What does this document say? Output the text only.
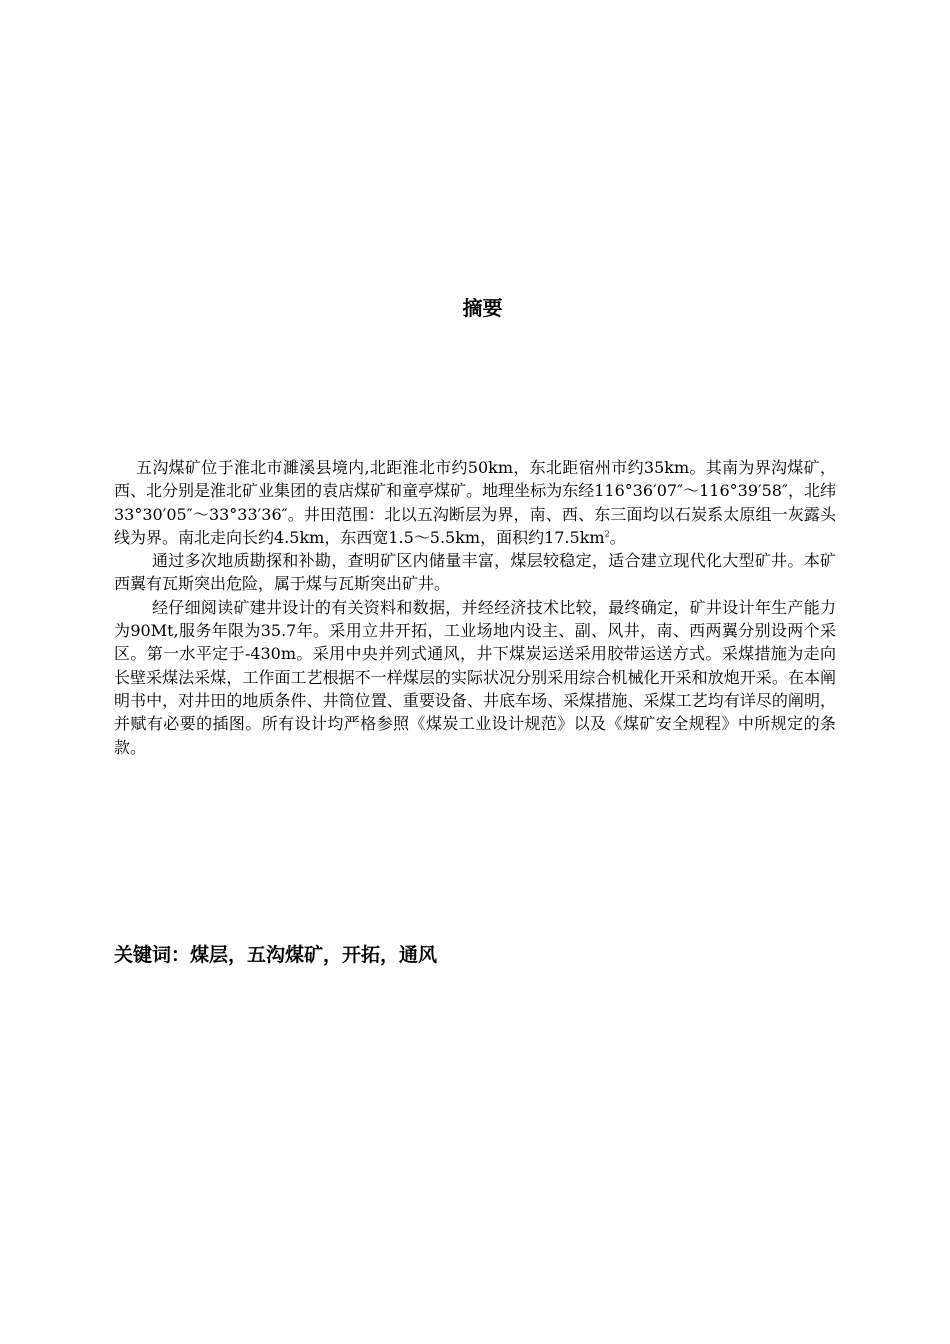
摘要

五沟煤矿位于淮北市濉溪县境内,北距淮北市约50km，东北距宿州市约35km。其南为界沟煤矿，西、北分别是淮北矿业集团的袁店煤矿和童亭煤矿。地理坐标为东经116°36′07″～116°39′58″，北纬33°30′05″～33°33′36″。井田范围：北以五沟断层为界，南、西、东三面均以石炭系太原组一灰露头线为界。南北走向长约4.5km，东西宽1.5～5.5km，面积约$17.5km^2$。

通过多次地质勘探和补勘，查明矿区内储量丰富，煤层较稳定，适合建立现代化大型矿井。本矿西翼有瓦斯突出危险，属于煤与瓦斯突出矿井。

经仔细阅读矿建井设计的有关资料和数据，并经经济技术比较，最终确定，矿井设计年生产能力为90Mt,服务年限为35.7年。采用立井开拓，工业场地内设主、副、风井，南、西两翼分别设两个采区。第一水平定于-430m。采用中央并列式通风，井下煤炭运送采用胶带运送方式。采煤措施为走向长壁采煤法采煤，工作面工艺根据不一样煤层的实际状况分别采用综合机械化开采和放炮开采。在本阐明书中，对井田的地质条件、井筒位置、重要设备、井底车场、采煤措施、采煤工艺均有详尽的阐明，并赋有必要的插图。所有设计均严格参照《煤炭工业设计规范》以及《煤矿安全规程》中所规定的条款。

关键词：煤层，五沟煤矿，开拓，通风
